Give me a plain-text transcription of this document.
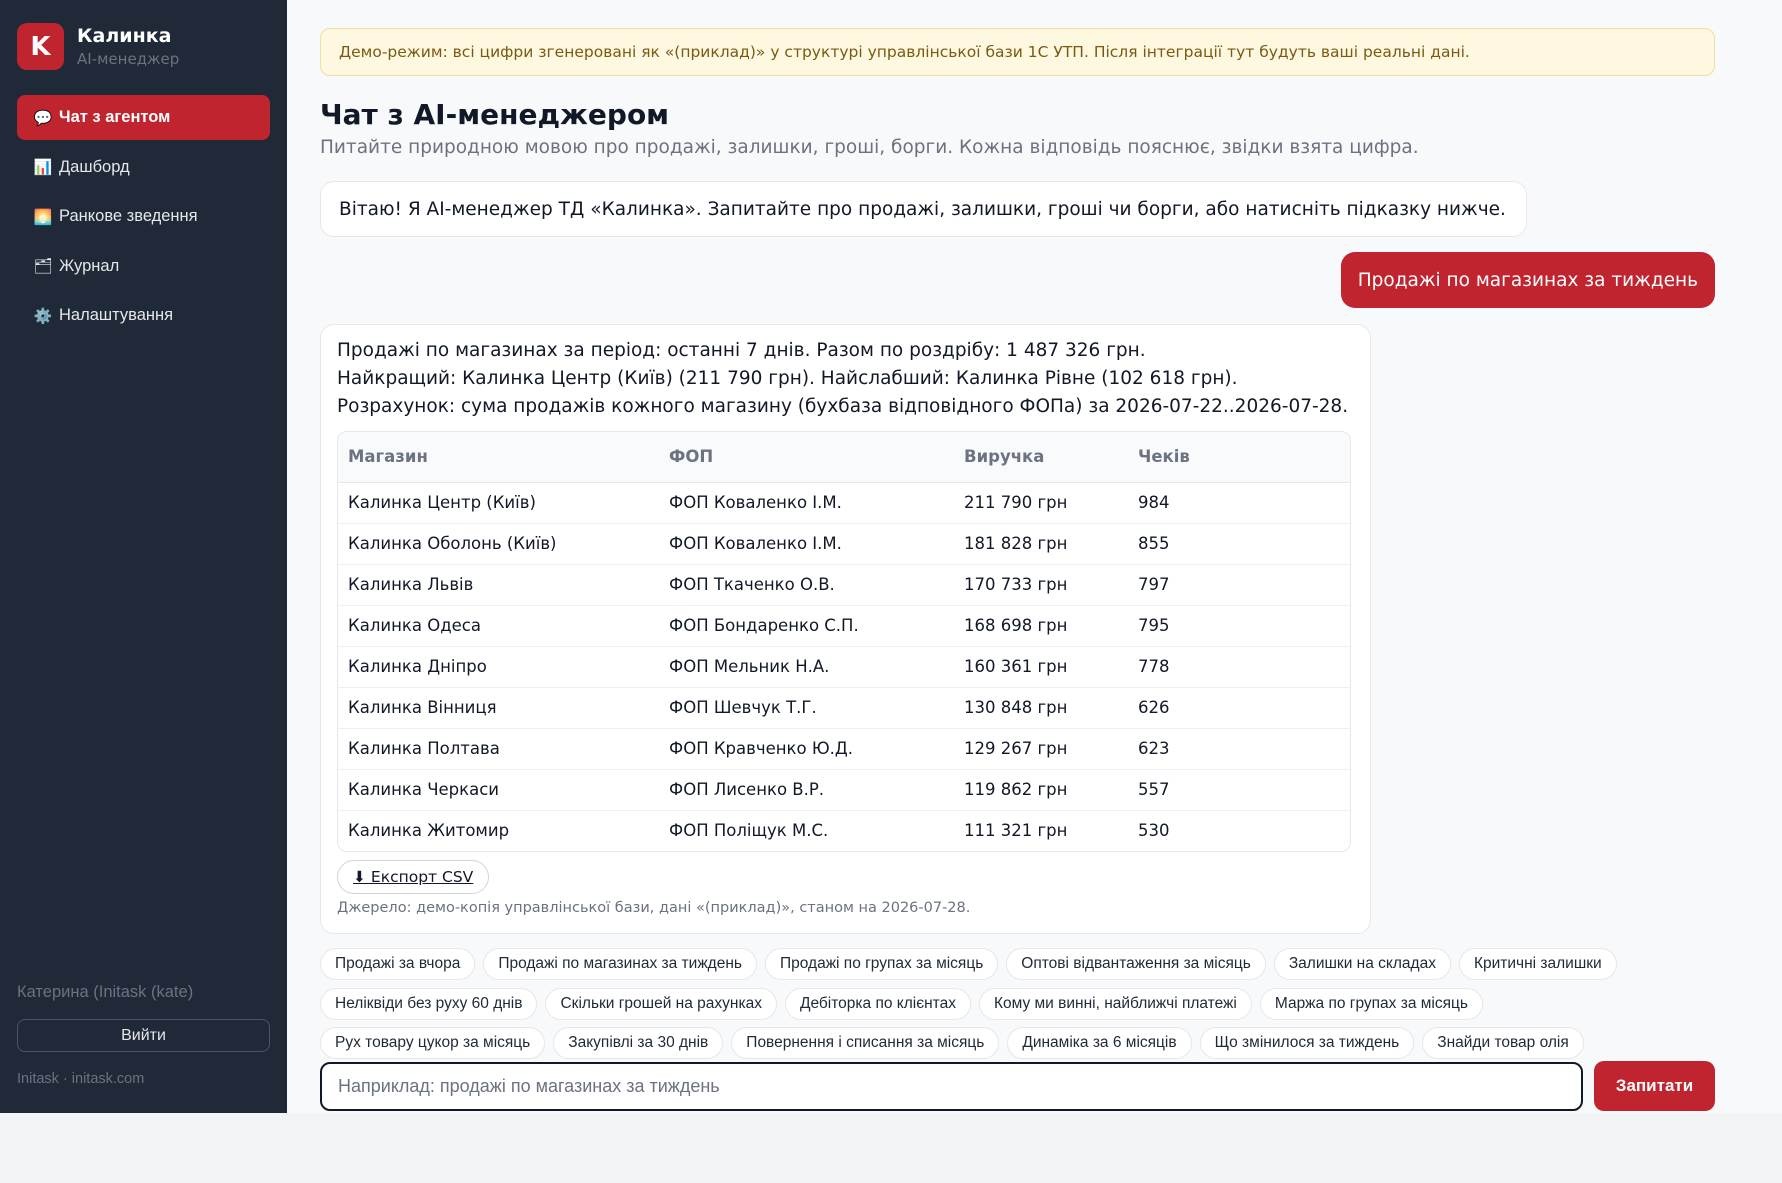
K	Калинка
AI-менеджер
💬 Чат з агентом
📊 Дашборд
🌅 Ранкове зведення
🗂 Журнал
⚙️ Налаштування
Катерина (Initask (kate)
Вийти
Initask · initask.com
Демо-режим: всі цифри згенеровані як «(приклад)» у структурі управлінської бази 1С УТП. Після інтеграції тут будуть ваші реальні дані.
Чат з AI-менеджером
Питайте природною мовою про продажі, залишки, гроші, борги. Кожна відповідь пояснює, звідки взята цифра.
Вітаю! Я AI-менеджер ТД «Калинка». Запитайте про продажі, залишки, гроші чи борги, або натисніть підказку нижче.
Продажі по магазинах за тиждень
Продажі по магазинах за період: останні 7 днів. Разом по роздрібу: 1 487 326 грн.
Найкращий: Калинка Центр (Київ) (211 790 грн). Найслабший: Калинка Рівне (102 618 грн).
Розрахунок: сума продажів кожного магазину (бухбаза відповідного ФОПа) за 2026-07-22..2026-07-28.
Магазин	ФОП	Виручка	Чеків
Калинка Центр (Київ)	ФОП Коваленко І.М.	211 790 грн	984
Калинка Оболонь (Київ)	ФОП Коваленко І.М.	181 828 грн	855
Калинка Львів	ФОП Ткаченко О.В.	170 733 грн	797
Калинка Одеса	ФОП Бондаренко С.П.	168 698 грн	795
Калинка Дніпро	ФОП Мельник Н.А.	160 361 грн	778
Калинка Вінниця	ФОП Шевчук Т.Г.	130 848 грн	626
Калинка Полтава	ФОП Кравченко Ю.Д.	129 267 грн	623
Калинка Черкаси	ФОП Лисенко В.Р.	119 862 грн	557
Калинка Житомир	ФОП Поліщук М.С.	111 321 грн	530
⬇ Експорт CSV
Джерело: демо-копія управлінської бази, дані «(приклад)», станом на 2026-07-28.
Продажі за вчора	Продажі по магазинах за тиждень	Продажі по групах за місяць	Оптові відвантаження за місяць	Залишки на складах	Критичні залишки
Неліквіди без руху 60 днів	Скільки грошей на рахунках	Дебіторка по клієнтах	Кому ми винні, найближчі платежі	Маржа по групах за місяць
Рух товару цукор за місяць	Закупівлі за 30 днів	Повернення і списання за місяць	Динаміка за 6 місяців	Що змінилося за тиждень	Знайди товар олія
Наприклад: продажі по магазинах за тиждень
Запитати
